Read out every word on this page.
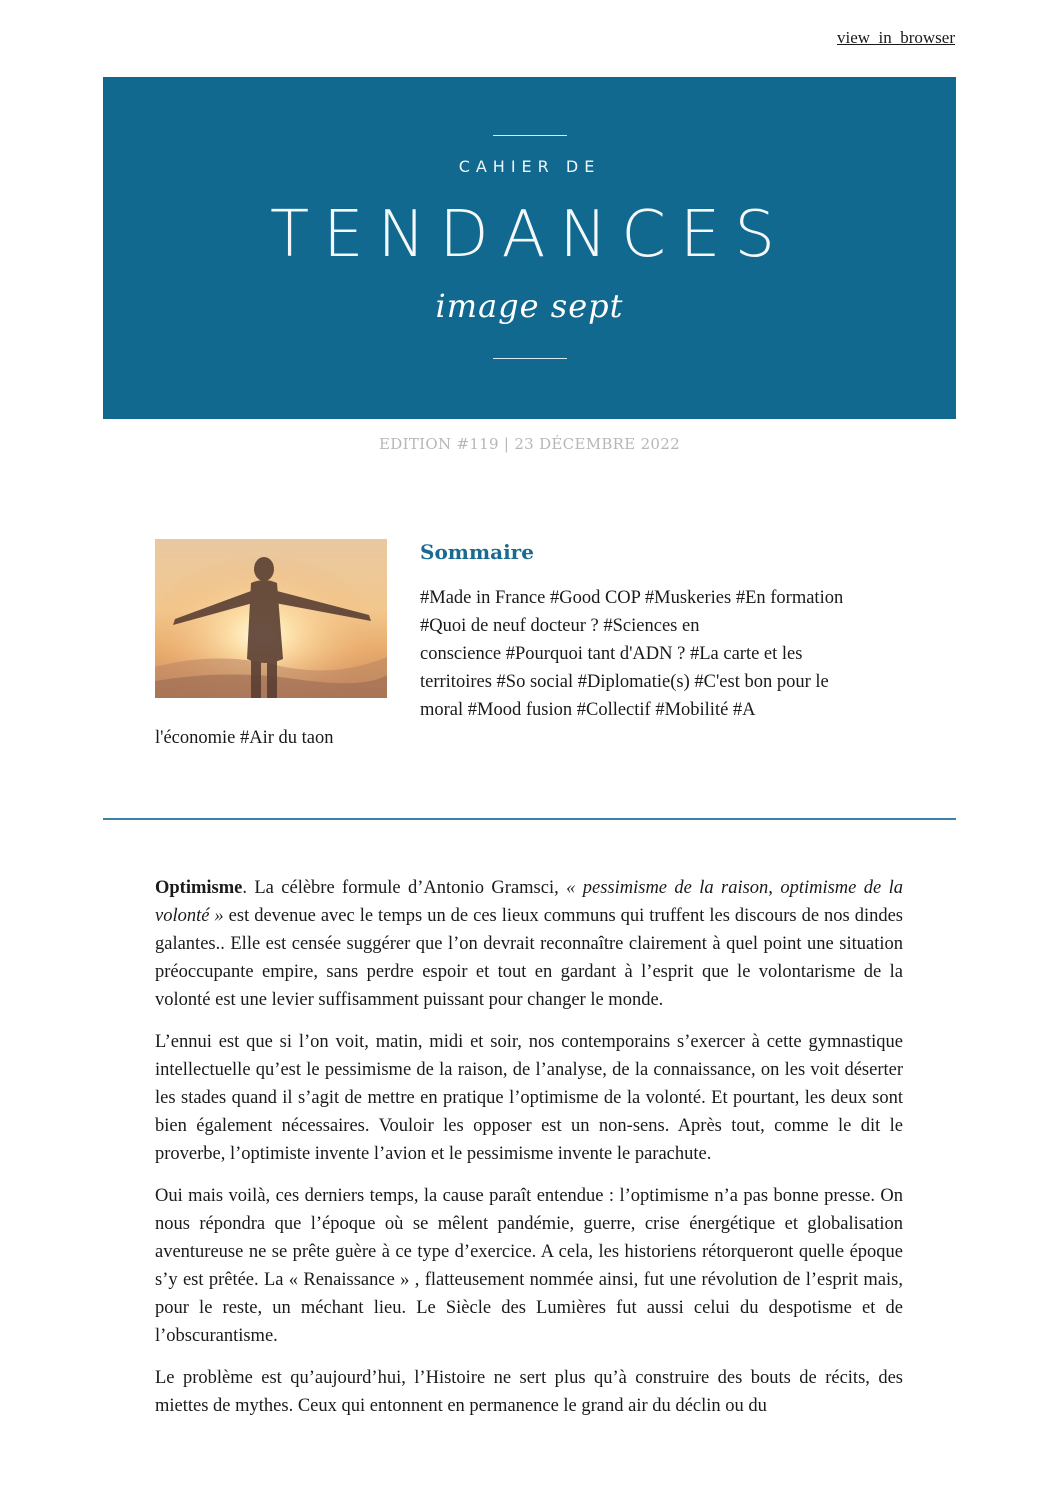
view_in_browser
CAHIER DE
TENDANCES
image sept
EDITION #119 | 23 DÉCEMBRE 2022
Sommaire
#Made in France #Good COP #Muskeries #En formation
#Quoi de neuf docteur ? #Sciences en
conscience #Pourquoi tant d'ADN ? #La carte et les
territoires #So social #Diplomatie(s) #C'est bon pour le
moral #Mood fusion #Collectif #Mobilité #A
l'économie #Air du taon

Optimisme. La célèbre formule d’Antonio Gramsci, « pessimisme de la raison, optimisme de la volonté » est devenue avec le temps un de ces lieux communs qui truffent les discours de nos dindes galantes.. Elle est censée suggérer que l’on devrait reconnaître clairement à quel point une situation préoccupante empire, sans perdre espoir et tout en gardant à l’esprit que le volontarisme de la volonté est une levier suffisamment puissant pour changer le monde.

L’ennui est que si l’on voit, matin, midi et soir, nos contemporains s’exercer à cette gymnastique intellectuelle qu’est le pessimisme de la raison, de l’analyse, de la connaissance, on les voit déserter les stades quand il s’agit de mettre en pratique l’optimisme de la volonté. Et pourtant, les deux sont bien également nécessaires. Vouloir les opposer est un non-sens. Après tout, comme le dit le proverbe, l’optimiste invente l’avion et le pessimisme invente le parachute.

Oui mais voilà, ces derniers temps, la cause paraît entendue : l’optimisme n’a pas bonne presse. On nous répondra que l’époque où se mêlent pandémie, guerre, crise énergétique et globalisation aventureuse ne se prête guère à ce type d’exercice. A cela, les historiens rétorqueront quelle époque s’y est prêtée. La « Renaissance » , flatteusement nommée ainsi, fut une révolution de l’esprit mais, pour le reste, un méchant lieu. Le Siècle des Lumières fut aussi celui du despotisme et de l’obscurantisme.

Le problème est qu’aujourd’hui, l’Histoire ne sert plus qu’à construire des bouts de récits, des miettes de mythes. Ceux qui entonnent en permanence le grand air du déclin ou du
